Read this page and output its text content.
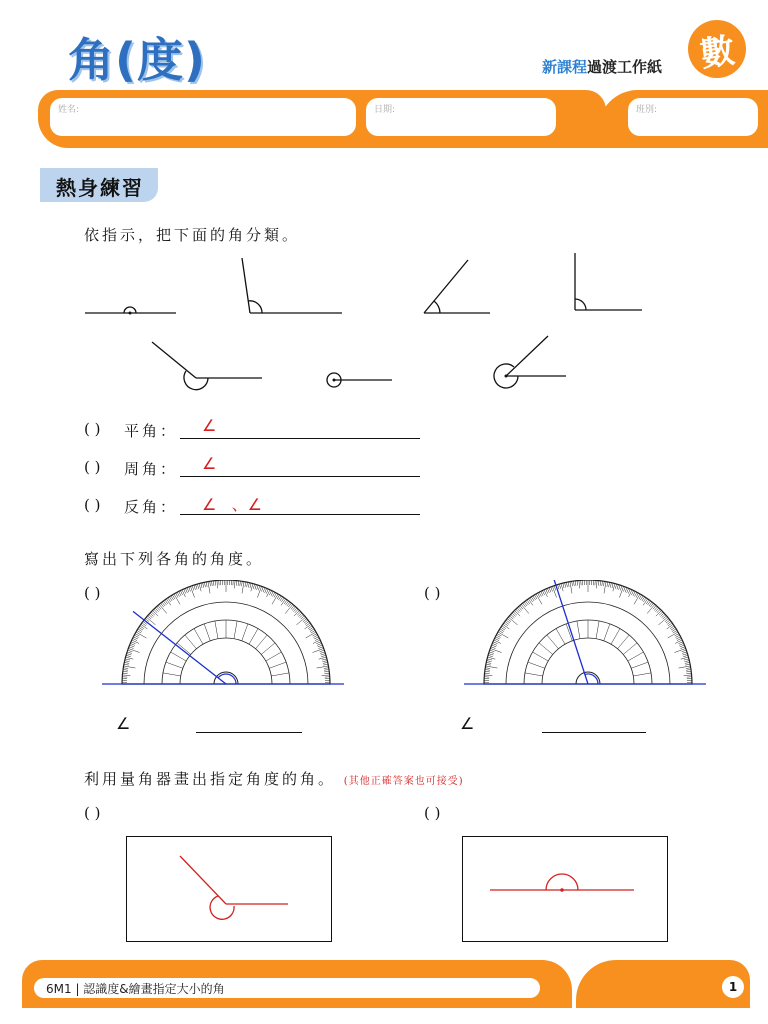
角(度)	新課程過渡工作紙	數
姓名:	日期:	班別:
熱身練習
依指示，把下面的角分類。
( ) 平角： ∠
( ) 周角： ∠
( ) 反角： ∠   、∠
寫出下列各角的角度。
( )	( )
∠	∠
利用量角器畫出指定角度的角。 (其他正確答案也可接受)
( )	( )
6M1 | 認識度&繪畫指定大小的角	1
